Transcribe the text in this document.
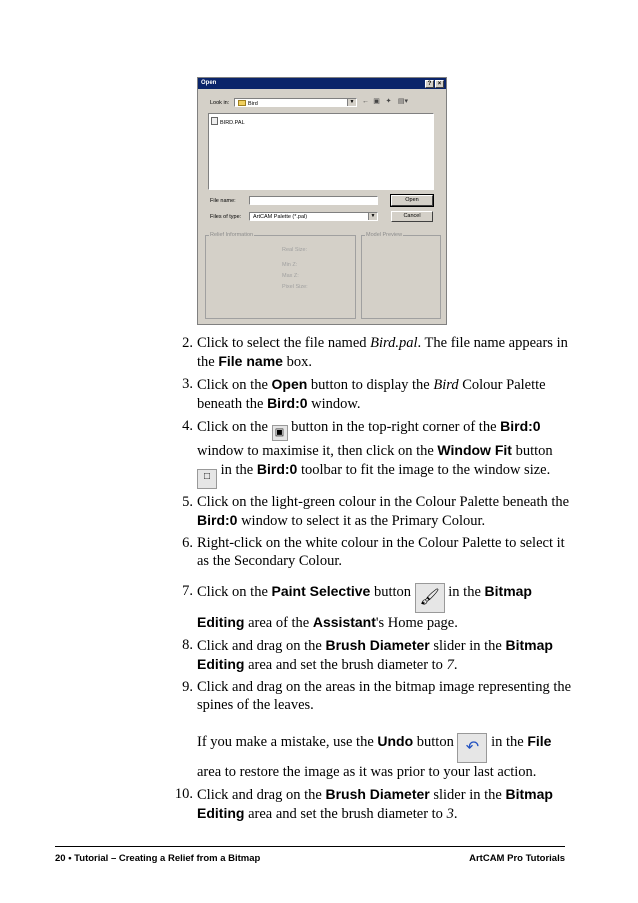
Open	?	×
Look in:	Bird	▼ ← ▣ ✦ ▤▾
BIRD.PAL
File name:	Open
Files of type: ArtCAM Palette (*.pal)	▼	Cancel
Relief Information
Real Size:
Min Z:
Max Z:
Pixel Size:
Model Preview
2. Click to select the file named Bird.pal. The file name appears in the File name box.
3. Click on the Open button to display the Bird Colour Palette beneath the Bird:0 window.
4. Click on the ▣ button in the top-right corner of the Bird:0 window to maximise it, then click on the Window Fit button □ in the Bird:0 toolbar to fit the image to the window size.
5. Click on the light-green colour in the Colour Palette beneath the Bird:0 window to select it as the Primary Colour.
6. Right-click on the white colour in the Colour Palette to select it as the Secondary Colour.
7. Click on the Paint Selective button 🖌 in the Bitmap Editing area of the Assistant's Home page.
8. Click and drag on the Brush Diameter slider in the Bitmap Editing area and set the brush diameter to 7.
9. Click and drag on the areas in the bitmap image representing the spines of the leaves.
If you make a mistake, use the Undo button ↶ in the File area to restore the image as it was prior to your last action.
10. Click and drag on the Brush Diameter slider in the Bitmap Editing area and set the brush diameter to 3.
20 • Tutorial – Creating a Relief from a Bitmap	ArtCAM Pro Tutorials
